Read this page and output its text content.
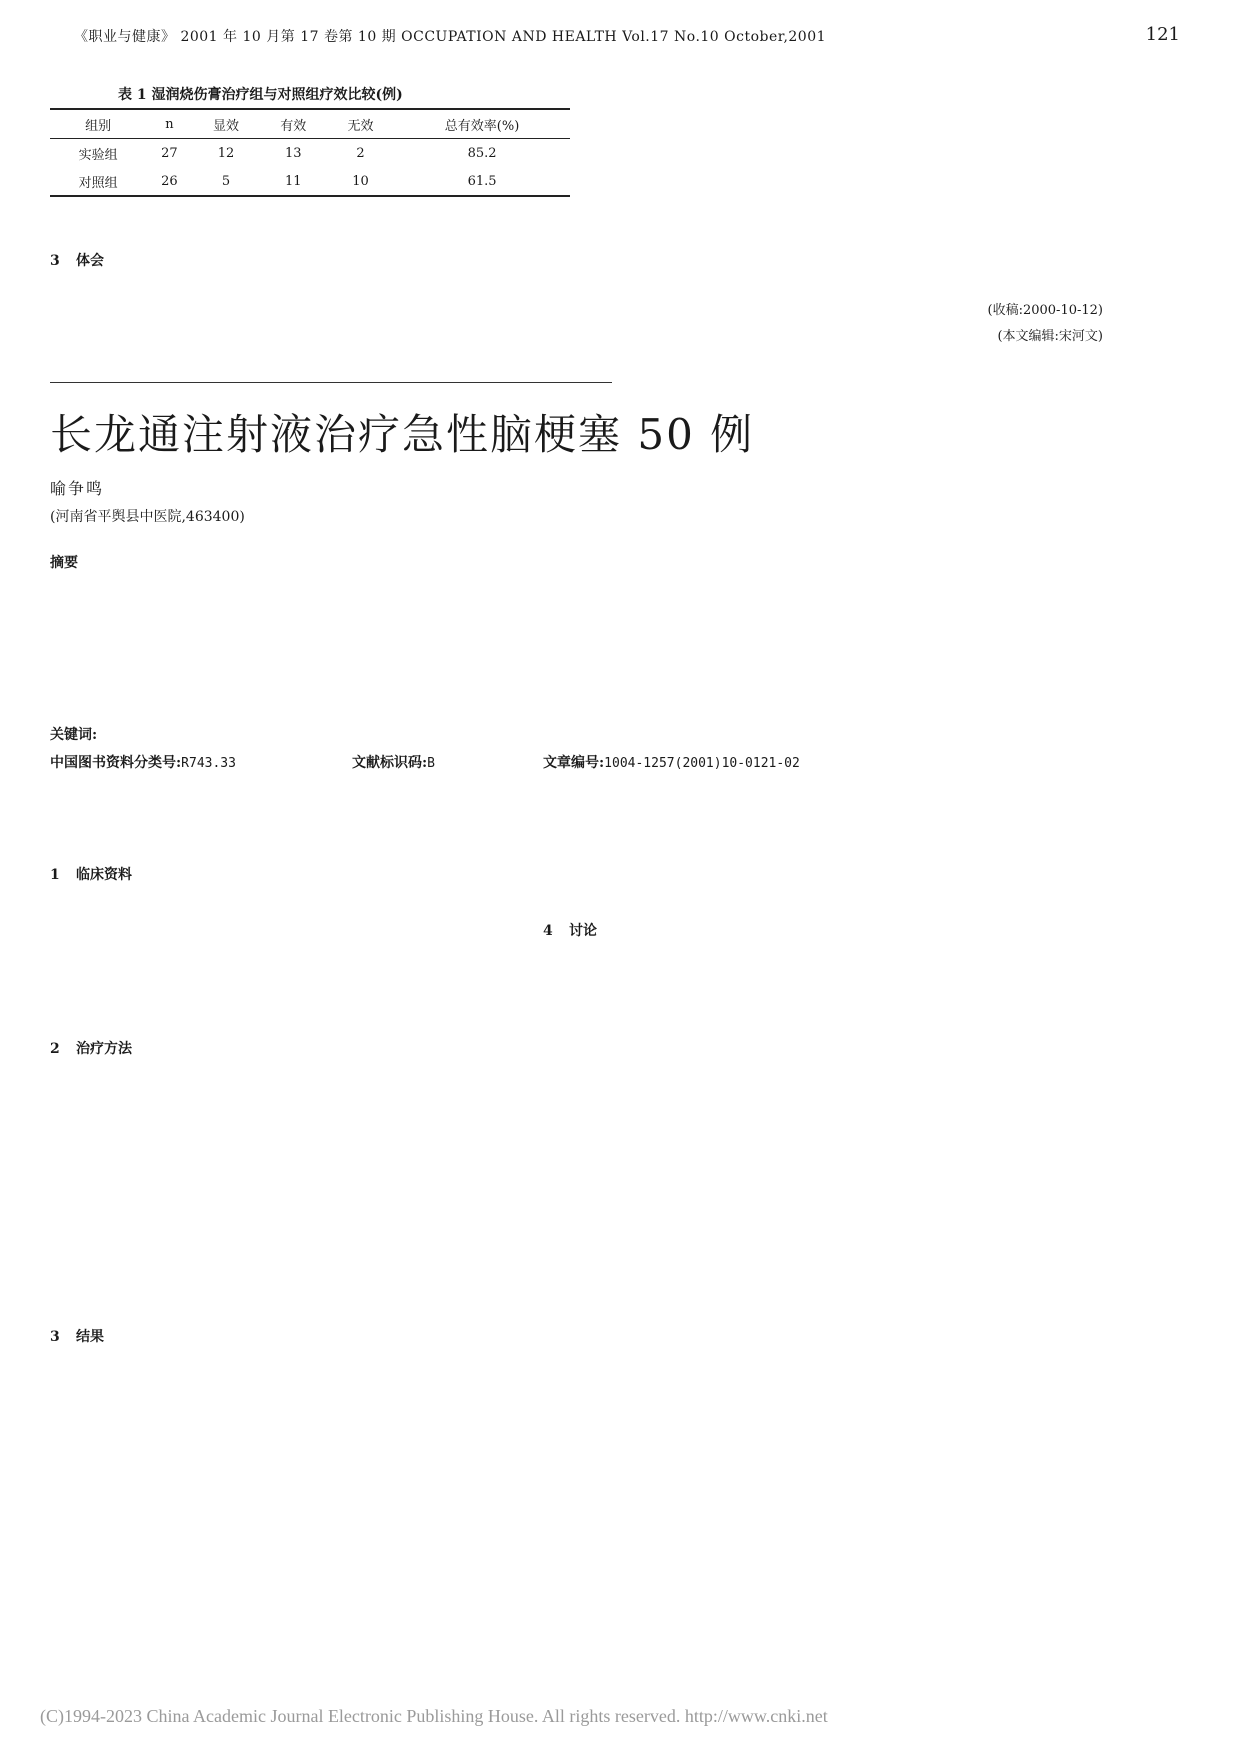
《职业与健康》 2001 年 10 月第 17 卷第 10 期 OCCUPATION AND HEALTH Vol.17 No.10 October,2001	121
表 1 湿润烧伤膏治疗组与对照组疗效比较(例)
组别	n	显效	有效	无效	总有效率(%)
实验组	27	12	13	2	85.2
对照组	26	5	11	10	61.5
3 体会
(收稿:2000-10-12)
(本文编辑:宋河文)
长龙通注射液治疗急性脑梗塞 50 例
喻争鸣
(河南省平舆县中医院,463400)
摘要
关键词:
中国图书资料分类号:R743.33	文献标识码:B	文章编号:1004-1257(2001)10-0121-02
1 临床资料
2 治疗方法
3 结果
4 讨论
(C)1994-2023 China Academic Journal Electronic Publishing House. All rights reserved. http://www.cnki.net
